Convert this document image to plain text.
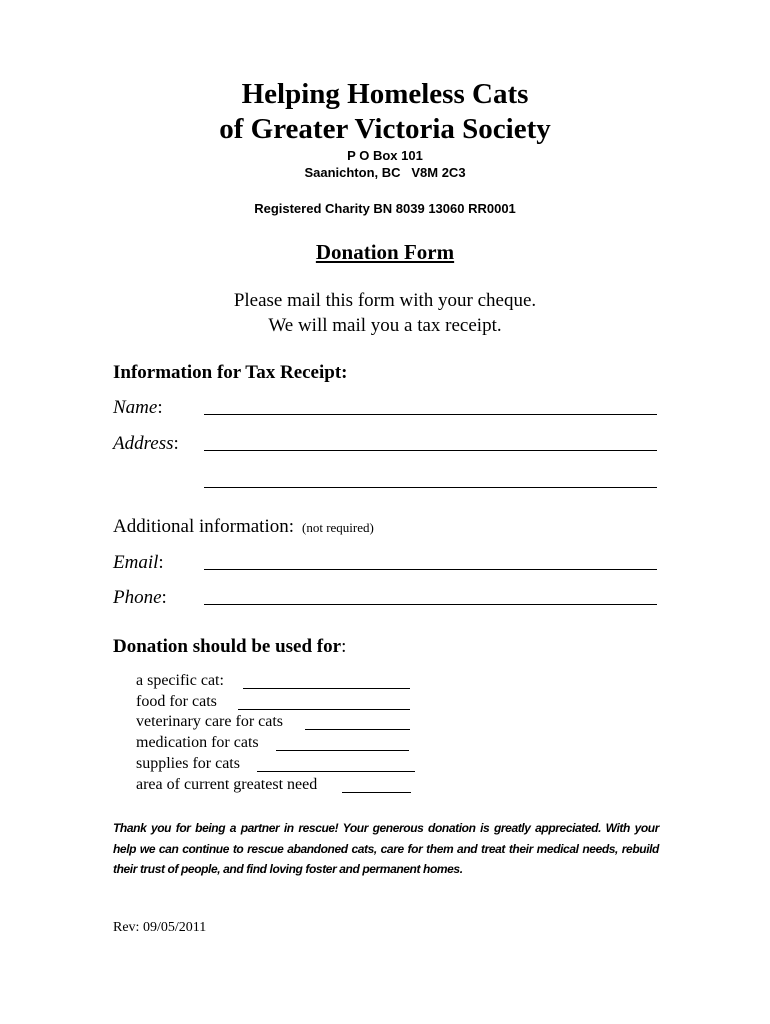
Helping Homeless Cats
of Greater Victoria Society
P O Box 101
Saanichton, BC   V8M 2C3
Registered Charity BN 8039 13060 RR0001
Donation Form
Please mail this form with your cheque.
We will mail you a tax receipt.
Information for Tax Receipt:
Name:
Address:
Additional information: (not required)
Email:
Phone:
Donation should be used for:
a specific cat:
food for cats
veterinary care for cats
medication for cats
supplies for cats
area of current greatest need
Thank you for being a partner in rescue! Your generous donation is greatly appreciated. With your help we can continue to rescue abandoned cats, care for them and treat their medical needs, rebuild their trust of people, and find loving foster and permanent homes.
Rev: 09/05/2011
